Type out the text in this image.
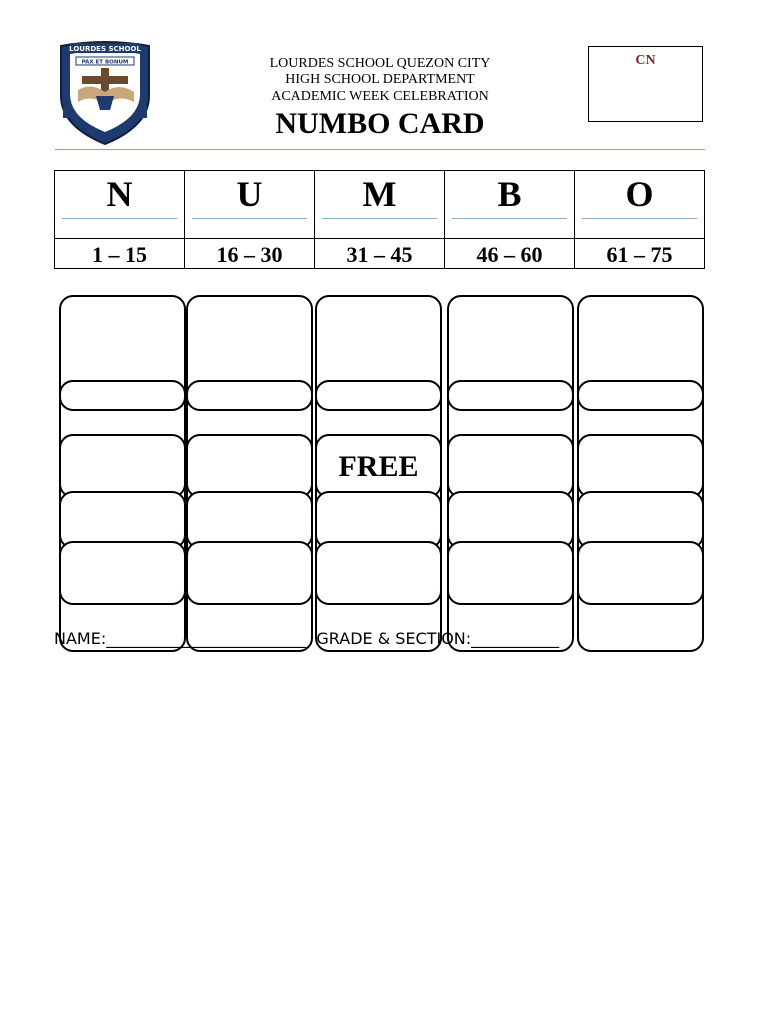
LOURDES SCHOOL
PAX ET BONUM	LOURDES SCHOOL QUEZON CITY
HIGH SCHOOL DEPARTMENT
ACADEMIC WEEK CELEBRATION
NUMBO CARD
CN
N
1 – 15
U
16 – 30
M
31 – 45
B
46 – 60
O
61 – 75
NAME:_________________________ GRADE & SECTION:___________
FREE
